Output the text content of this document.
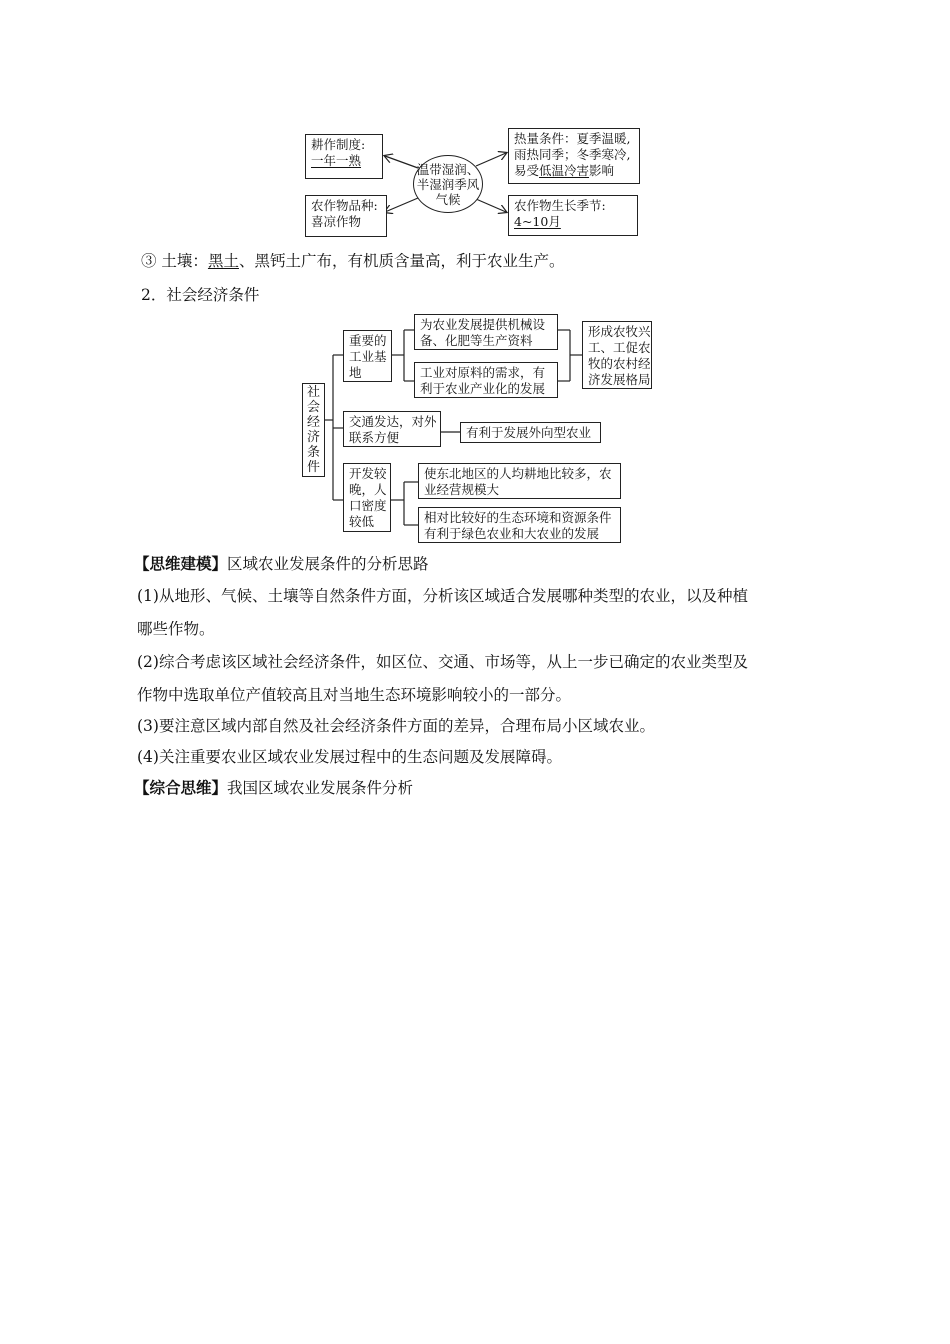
耕作制度:
一年一熟
农作物品种:
喜凉作物
温带湿润、
半湿润季风
气候
热量条件：夏季温暖,
雨热同季；冬季寒冷,
易受低温冷害影响
农作物生长季节:
4~10月
③ 土壤：黑土、黑钙土广布，有机质含量高，利于农业生产。
2．社会经济条件
社
会
经
济
条
件
重要的
工业基
地
为农业发展提供机械设
备、化肥等生产资料
工业对原料的需求，有
利于农业产业化的发展
形成农牧兴
工、工促农
牧的农村经
济发展格局
交通发达，对外
联系方便	有利于发展外向型农业
开发较
晚，人
口密度
较低
使东北地区的人均耕地比较多，农
业经营规模大
相对比较好的生态环境和资源条件
有利于绿色农业和大农业的发展
【思维建模】区域农业发展条件的分析思路
(1)从地形、气候、土壤等自然条件方面，分析该区域适合发展哪种类型的农业，以及种植
哪些作物。
(2)综合考虑该区域社会经济条件，如区位、交通、市场等，从上一步已确定的农业类型及
作物中选取单位产值较高且对当地生态环境影响较小的一部分。
(3)要注意区域内部自然及社会经济条件方面的差异，合理布局小区域农业。
(4)关注重要农业区域农业发展过程中的生态问题及发展障碍。
【综合思维】我国区域农业发展条件分析
